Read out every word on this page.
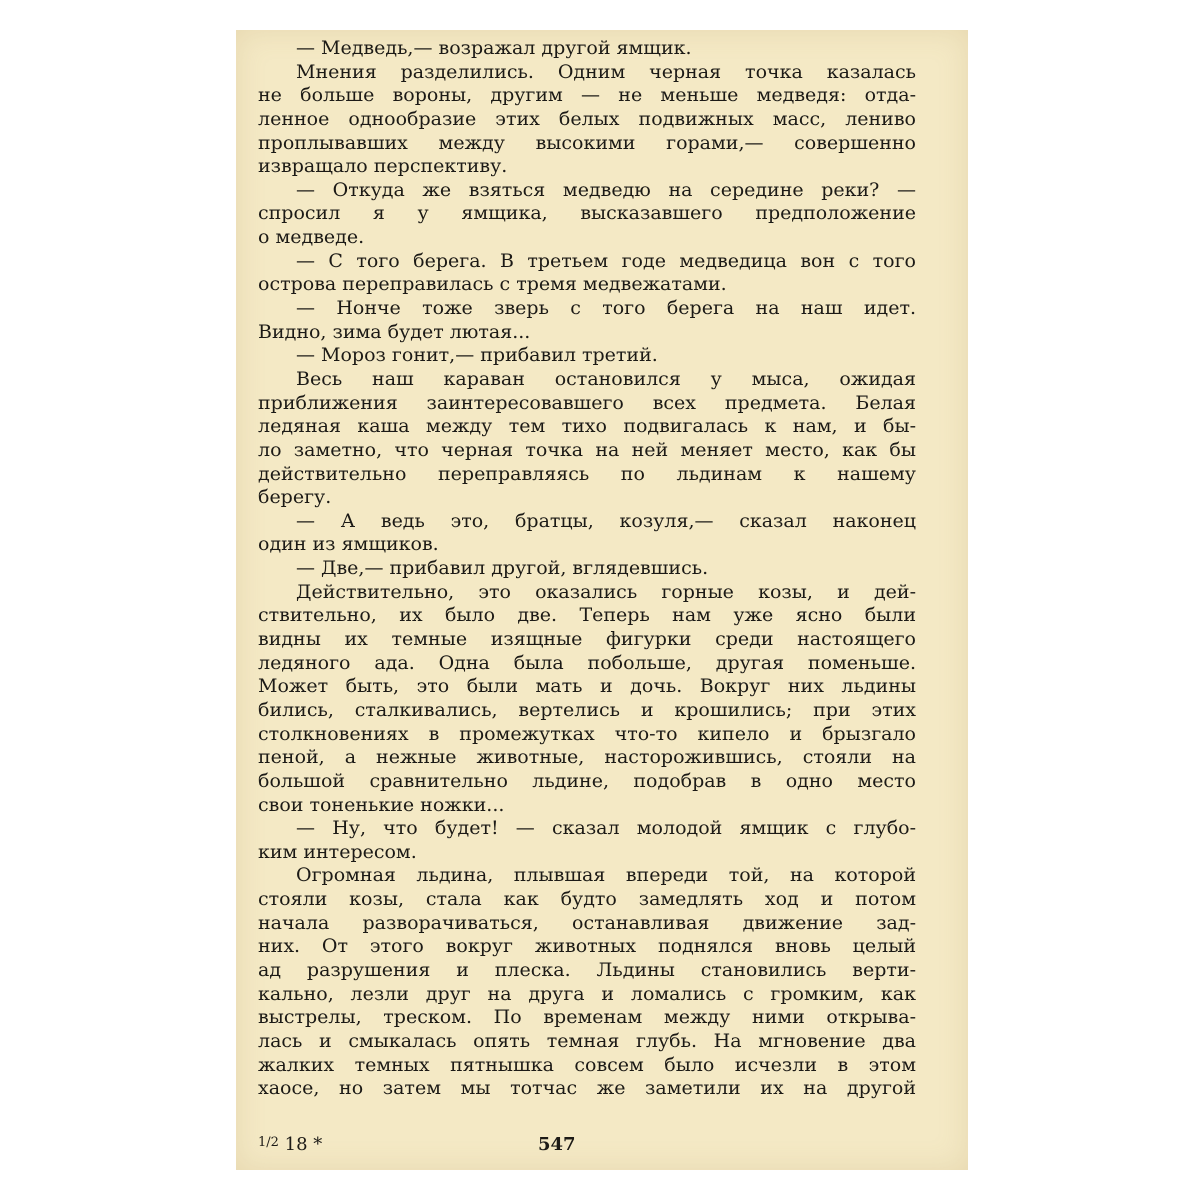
— Медведь,— возражал другой ямщик.
Мнения разделились. Одним черная точка казалась
не больше вороны, другим — не меньше медведя: отда-
ленное однообразие этих белых подвижных масс, лениво
проплывавших между высокими горами,— совершенно
извращало перспективу.
— Откуда же взяться медведю на середине реки? —
спросил я у ямщика, высказавшего предположение
о медведе.
— С того берега. В третьем годе медведица вон с того
острова переправилась с тремя медвежатами.
— Нонче тоже зверь с того берега на наш идет.
Видно, зима будет лютая...
— Мороз гонит,— прибавил третий.
Весь наш караван остановился у мыса, ожидая
приближения заинтересовавшего всех предмета. Белая
ледяная каша между тем тихо подвигалась к нам, и бы-
ло заметно, что черная точка на ней меняет место, как бы
действительно переправляясь по льдинам к нашему
берегу.
— А ведь это, братцы, козуля,— сказал наконец
один из ямщиков.
— Две,— прибавил другой, вглядевшись.
Действительно, это оказались горные козы, и дей-
ствительно, их было две. Теперь нам уже ясно были
видны их темные изящные фигурки среди настоящего
ледяного ада. Одна была побольше, другая поменьше.
Может быть, это были мать и дочь. Вокруг них льдины
бились, сталкивались, вертелись и крошились; при этих
столкновениях в промежутках что-то кипело и брызгало
пеной, а нежные животные, насторожившись, стояли на
большой сравнительно льдине, подобрав в одно место
свои тоненькие ножки...
— Ну, что будет! — сказал молодой ямщик с глубо-
ким интересом.
Огромная льдина, плывшая впереди той, на которой
стояли козы, стала как будто замедлять ход и потом
начала разворачиваться, останавливая движение зад-
них. От этого вокруг животных поднялся вновь целый
ад разрушения и плеска. Льдины становились верти-
кально, лезли друг на друга и ломались с громким, как
выстрелы, треском. По временам между ними открыва-
лась и смыкалась опять темная глубь. На мгновение два
жалких темных пятнышка совсем было исчезли в этом
хаосе, но затем мы тотчас же заметили их на другой
$^{1/2}$ 18 *	547
